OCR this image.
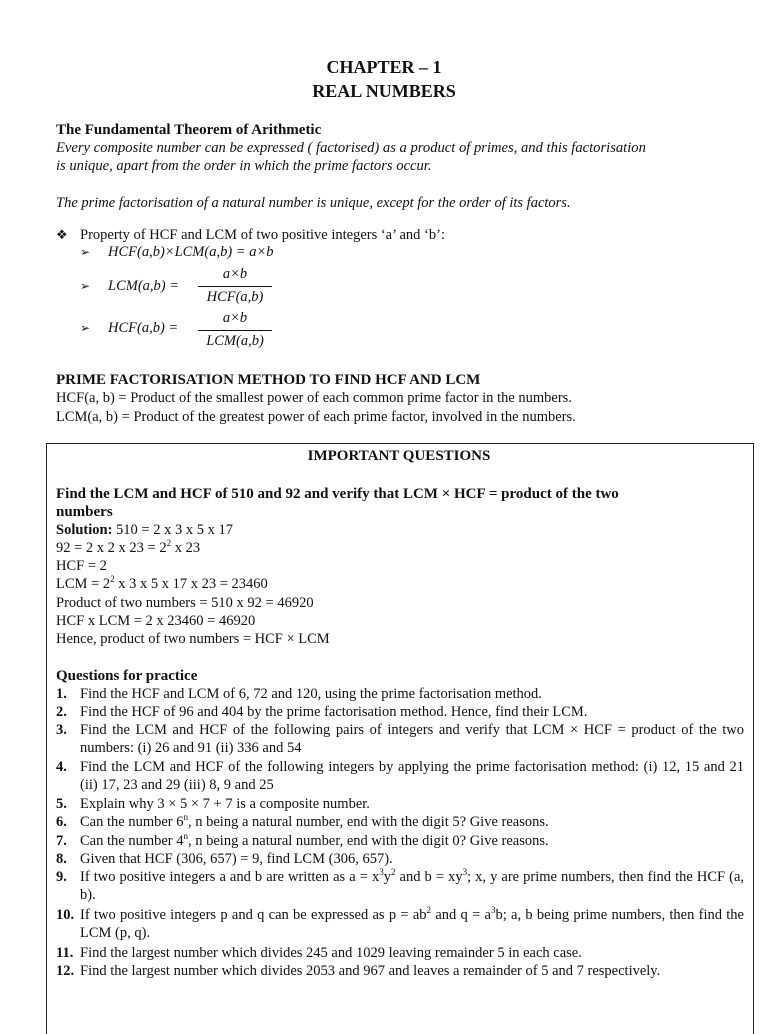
CHAPTER – 1
REAL NUMBERS
The Fundamental Theorem of Arithmetic
Every composite number can be expressed ( factorised) as a product of primes, and this factorisation
is unique, apart from the order in which the prime factors occur.
The prime factorisation of a natural number is unique, except for the order of its factors.
❖ Property of HCF and LCM of two positive integers ‘a’ and ‘b’:
➢ HCF(a,b)×LCM(a,b) = a×b
➢ LCM(a,b) =
a×b
HCF(a,b)
➢ HCF(a,b) =
a×b
LCM(a,b)
PRIME FACTORISATION METHOD TO FIND HCF AND LCM
HCF(a, b) = Product of the smallest power of each common prime factor in the numbers.
LCM(a, b) = Product of the greatest power of each prime factor, involved in the numbers.
IMPORTANT QUESTIONS
Find the LCM and HCF of 510 and 92 and verify that LCM × HCF = product of the two
numbers
Solution: 510 = 2 x 3 x 5 x 17
92 = 2 x 2 x $23 = 2^2$ x 23
HCF = 2
LCM = $2^2$ x 3 x 5 x 17 x 23 = 23460
Product of two numbers = 510 x 92 = 46920
HCF x LCM = 2 x 23460 = 46920
Hence, product of two numbers = HCF × LCM
Questions for practice
1. Find the HCF and LCM of 6, 72 and 120, using the prime factorisation method.
2. Find the HCF of 96 and 404 by the prime factorisation method. Hence, find their LCM.
3. Find the LCM and HCF of the following pairs of integers and verify that LCM × HCF = product of the two numbers: (i) 26 and 91 (ii) 336 and 54
4. Find the LCM and HCF of the following integers by applying the prime factorisation method: (i) 12, 15 and 21 (ii) 17, 23 and 29 (iii) 8, 9 and 25
5. Explain why 3 × 5 × 7 + 7 is a composite number.
6. Can the number 6$^n$, n being a natural number, end with the digit 5? Give reasons.
7. Can the number 4$^n$, n being a natural number, end with the digit 0? Give reasons.
8. Given that HCF (306, 657) = 9, find LCM (306, 657).
9. If two positive integers a and b are written as $a = x^3y^2$ and $b = xy^3$; x, y are prime numbers, then find the HCF (a, b).
10. If two positive integers p and q can be expressed as $p = ab^2$ and $q = a^3b$; a, b being prime numbers, then find the LCM (p, q).
11. Find the largest number which divides 245 and 1029 leaving remainder 5 in each case.
12. Find the largest number which divides 2053 and 967 and leaves a remainder of 5 and 7 respectively.
